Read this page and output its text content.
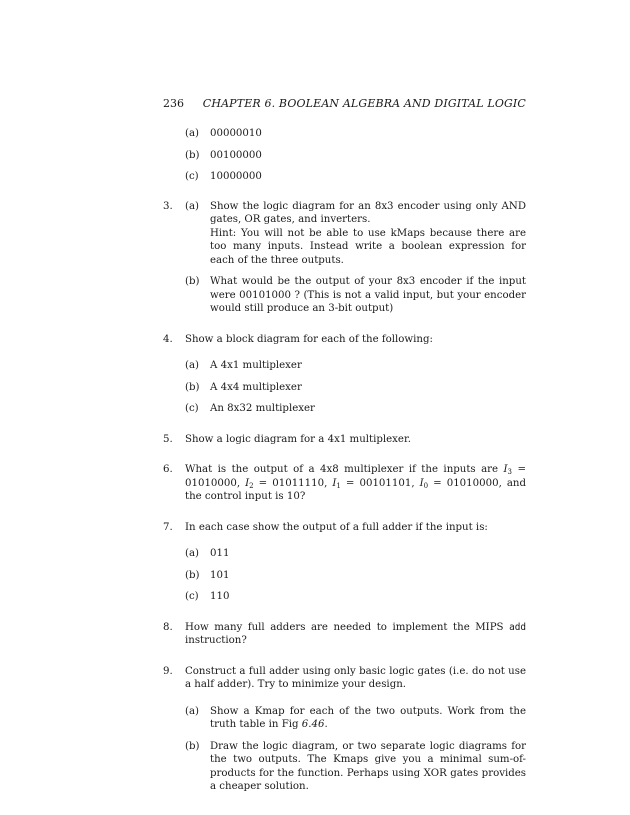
236 CHAPTER 6. BOOLEAN ALGEBRA AND DIGITAL LOGIC
(a)	00000010
(b)	00100000
(c)	10000000
3.	(a)	Show the logic diagram for an 8x3 encoder using only AND gates, OR gates, and inverters.
Hint: You will not be able to use kMaps because there are too many inputs. Instead write a boolean expression for each of the three outputs.
(b)	What would be the output of your 8x3 encoder if the input were 00101000 ? (This is not a valid input, but your encoder would still produce an 3-bit output)
4.	Show a block diagram for each of the following:
(a)	A 4x1 multiplexer
(b)	A 4x4 multiplexer
(c)	An 8x32 multiplexer
5.	Show a logic diagram for a 4x1 multiplexer.
6.	What is the output of a 4x8 multiplexer if the inputs are $I_3 = 01010000$, $I_2 = 01011110$, $I_1 = 00101101$, $I_0 = 01010000$, and the control input is 10?
7.	In each case show the output of a full adder if the input is:
(a)	011
(b)	101
(c)	110
8.	How many full adders are needed to implement the MIPS add instruction?
9.	Construct a full adder using only basic logic gates (i.e. do not use a half adder). Try to minimize your design.
(a)	Show a Kmap for each of the two outputs. Work from the truth table in Fig 6.46.
(b)	Draw the logic diagram, or two separate logic diagrams for the two outputs. The Kmaps give you a minimal sum-of-products for the function. Perhaps using XOR gates provides a cheaper solution.
